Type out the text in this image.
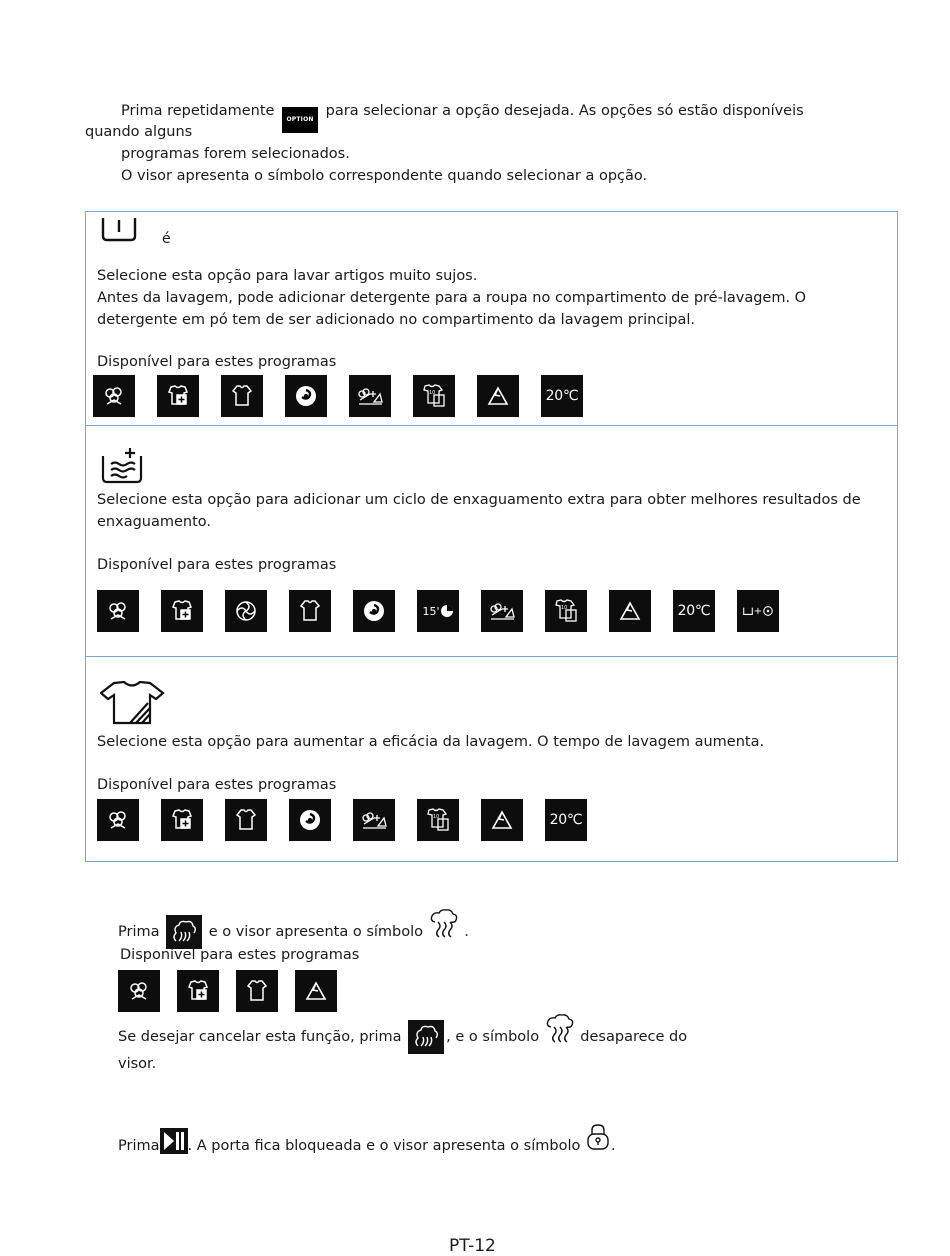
Prima repetidamente OPTION para selecionar a opção desejada. As opções só estão disponíveis
quando alguns
programas forem selecionados.
O visor apresenta o símbolo correspondente quando selecionar a opção.
é
Selecione esta opção para lavar artigos muito sujos.
Antes da lavagem, pode adicionar detergente para a roupa no compartimento de pré-lavagem. O
detergente em pó tem de ser adicionado no compartimento da lavagem principal.
Disponível para estes programas
10	20℃
Selecione esta opção para adicionar um ciclo de enxaguamento extra para obter melhores resultados de
enxaguamento.
Disponível para estes programas
15'	10	20℃	+
Selecione esta opção para aumentar a eficácia da lavagem. O tempo de lavagem aumenta.
Disponível para estes programas
10	20℃
Prima	e o visor apresenta o símbolo	.
Disponível para estes programas
Se desejar cancelar esta função, prima	, e o símbolo	desaparece do
visor.
Prima . A porta fica bloqueada e o visor apresenta o símbolo .
PT-12
